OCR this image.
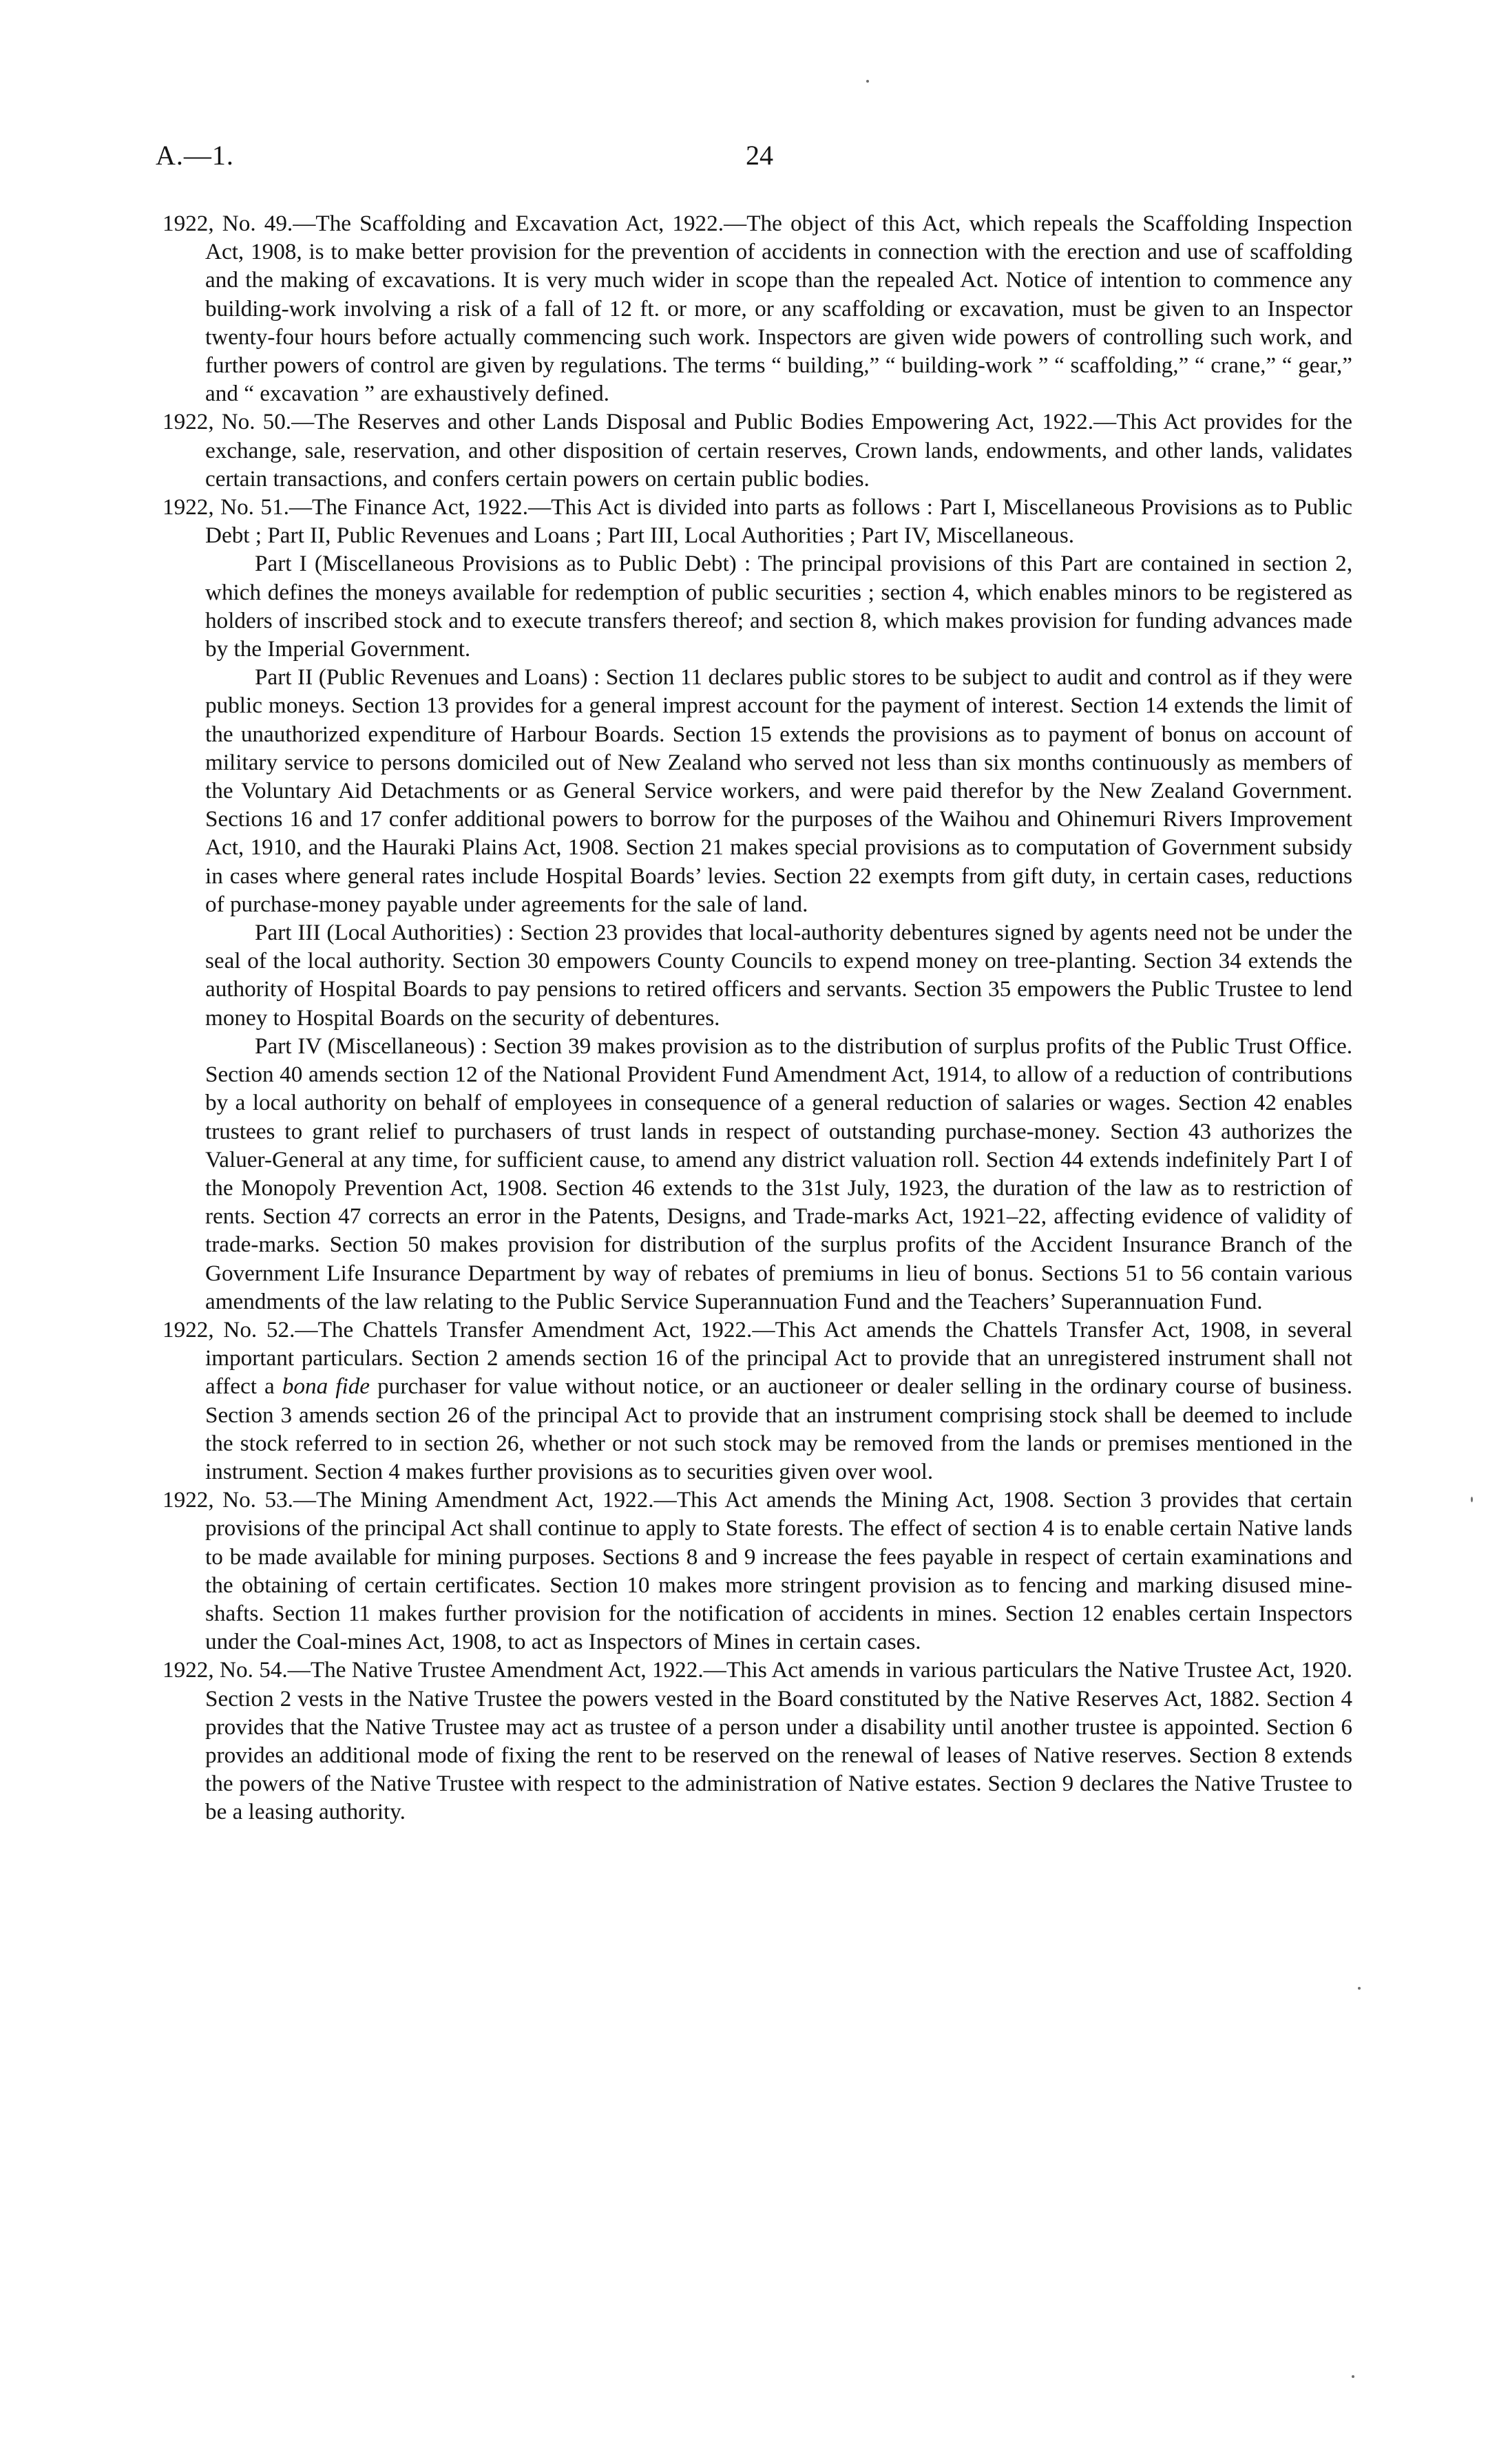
A.—1.	24

1922, No. 49.—The Scaffolding and Excavation Act, 1922.—The object of this Act, which repeals the Scaffolding Inspection Act, 1908, is to make better provision for the prevention of accidents in connection with the erection and use of scaffolding and the making of excavations. It is very much wider in scope than the repealed Act. Notice of intention to commence any building-work involving a risk of a fall of 12 ft. or more, or any scaffolding or excavation, must be given to an Inspector twenty-four hours before actually commencing such work. Inspectors are given wide powers of controlling such work, and further powers of control are given by regulations. The terms “ building,” “ building-work ” “ scaffolding,” “ crane,” “ gear,” and “ excavation ” are exhaustively defined.

1922, No. 50.—The Reserves and other Lands Disposal and Public Bodies Empowering Act, 1922.—This Act provides for the exchange, sale, reservation, and other disposition of certain reserves, Crown lands, endowments, and other lands, validates certain transactions, and confers certain powers on certain public bodies.

1922, No. 51.—The Finance Act, 1922.—This Act is divided into parts as follows : Part I, Miscellaneous Provisions as to Public Debt ; Part II, Public Revenues and Loans ; Part III, Local Authorities ; Part IV, Miscellaneous.

Part I (Miscellaneous Provisions as to Public Debt) : The principal provisions of this Part are contained in section 2, which defines the moneys available for redemption of public securities ; section 4, which enables minors to be registered as holders of inscribed stock and to execute transfers thereof; and section 8, which makes provision for funding advances made by the Imperial Government.

Part II (Public Revenues and Loans) : Section 11 declares public stores to be subject to audit and control as if they were public moneys. Section 13 provides for a general imprest account for the payment of interest. Section 14 extends the limit of the unauthorized expenditure of Harbour Boards. Section 15 extends the provisions as to payment of bonus on account of military service to persons domiciled out of New Zealand who served not less than six months continuously as members of the Voluntary Aid Detachments or as General Service workers, and were paid therefor by the New Zealand Government. Sections 16 and 17 confer additional powers to borrow for the purposes of the Waihou and Ohinemuri Rivers Improvement Act, 1910, and the Hauraki Plains Act, 1908. Section 21 makes special provisions as to computation of Government subsidy in cases where general rates include Hospital Boards’ levies. Section 22 exempts from gift duty, in certain cases, reductions of purchase-money payable under agreements for the sale of land.

Part III (Local Authorities) : Section 23 provides that local-authority debentures signed by agents need not be under the seal of the local authority. Section 30 empowers County Councils to expend money on tree-planting. Section 34 extends the authority of Hospital Boards to pay pensions to retired officers and servants. Section 35 empowers the Public Trustee to lend money to Hospital Boards on the security of debentures.

Part IV (Miscellaneous) : Section 39 makes provision as to the distribution of surplus profits of the Public Trust Office. Section 40 amends section 12 of the National Provident Fund Amendment Act, 1914, to allow of a reduction of contributions by a local authority on behalf of employees in consequence of a general reduction of salaries or wages. Section 42 enables trustees to grant relief to purchasers of trust lands in respect of outstanding purchase-money. Section 43 authorizes the Valuer-General at any time, for sufficient cause, to amend any district valuation roll. Section 44 extends indefinitely Part I of the Monopoly Prevention Act, 1908. Section 46 extends to the 31st July, 1923, the duration of the law as to restriction of rents. Section 47 corrects an error in the Patents, Designs, and Trade-marks Act, 1921–22, affecting evidence of validity of trade-marks. Section 50 makes provision for distribution of the surplus profits of the Accident Insurance Branch of the Government Life Insurance Department by way of rebates of premiums in lieu of bonus. Sections 51 to 56 contain various amendments of the law relating to the Public Service Superannuation Fund and the Teachers’ Superannuation Fund.

1922, No. 52.—The Chattels Transfer Amendment Act, 1922.—This Act amends the Chattels Transfer Act, 1908, in several important particulars. Section 2 amends section 16 of the principal Act to provide that an unregistered instrument shall not affect a bona fide purchaser for value without notice, or an auctioneer or dealer selling in the ordinary course of business. Section 3 amends section 26 of the principal Act to provide that an instrument comprising stock shall be deemed to include the stock referred to in section 26, whether or not such stock may be removed from the lands or premises mentioned in the instrument. Section 4 makes further provisions as to securities given over wool.

1922, No. 53.—The Mining Amendment Act, 1922.—This Act amends the Mining Act, 1908. Section 3 provides that certain provisions of the principal Act shall continue to apply to State forests. The effect of section 4 is to enable certain Native lands to be made available for mining purposes. Sections 8 and 9 increase the fees payable in respect of certain examinations and the obtaining of certain certificates. Section 10 makes more stringent provision as to fencing and marking disused mine-shafts. Section 11 makes further provision for the notification of accidents in mines. Section 12 enables certain Inspectors under the Coal-mines Act, 1908, to act as Inspectors of Mines in certain cases.

1922, No. 54.—The Native Trustee Amendment Act, 1922.—This Act amends in various particulars the Native Trustee Act, 1920. Section 2 vests in the Native Trustee the powers vested in the Board constituted by the Native Reserves Act, 1882. Section 4 provides that the Native Trustee may act as trustee of a person under a disability until another trustee is appointed. Section 6 provides an additional mode of fixing the rent to be reserved on the renewal of leases of Native reserves. Section 8 extends the powers of the Native Trustee with respect to the administration of Native estates. Section 9 declares the Native Trustee to be a leasing authority.
